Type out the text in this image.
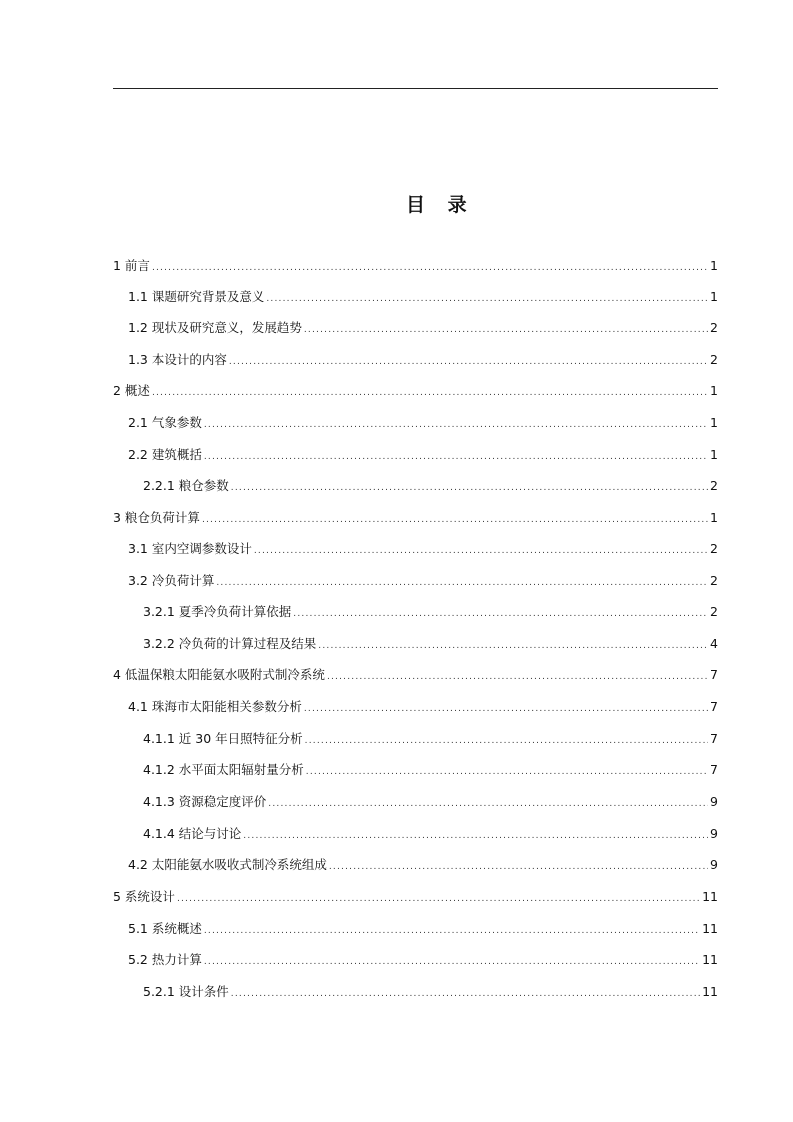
目 录
1 前言 .....	1
1.1 课题研究背景及意义 .....	1
1.2 现状及研究意义，发展趋势 .....	2
1.3 本设计的内容 .....	2
2 概述 .....	1
2.1 气象参数 .....	1
2.2 建筑概括 .....	1
2.2.1 粮仓参数 .....	2
3 粮仓负荷计算 .....	1
3.1 室内空调参数设计 .....	2
3.2 冷负荷计算 .....	2
3.2.1 夏季冷负荷计算依据 .....	2
3.2.2 冷负荷的计算过程及结果 .....	4
4 低温保粮太阳能氨水吸附式制冷系统 .....	7
4.1 珠海市太阳能相关参数分析 .....	7
4.1.1 近 30 年日照特征分析 .....	7
4.1.2 水平面太阳辐射量分析 .....	7
4.1.3 资源稳定度评价 .....	9
4.1.4 结论与讨论 .....	9
4.2 太阳能氨水吸收式制冷系统组成 .....	9
5 系统设计 .....	11
5.1 系统概述 .....	11
5.2 热力计算 .....	11
5.2.1 设计条件 .....	11
